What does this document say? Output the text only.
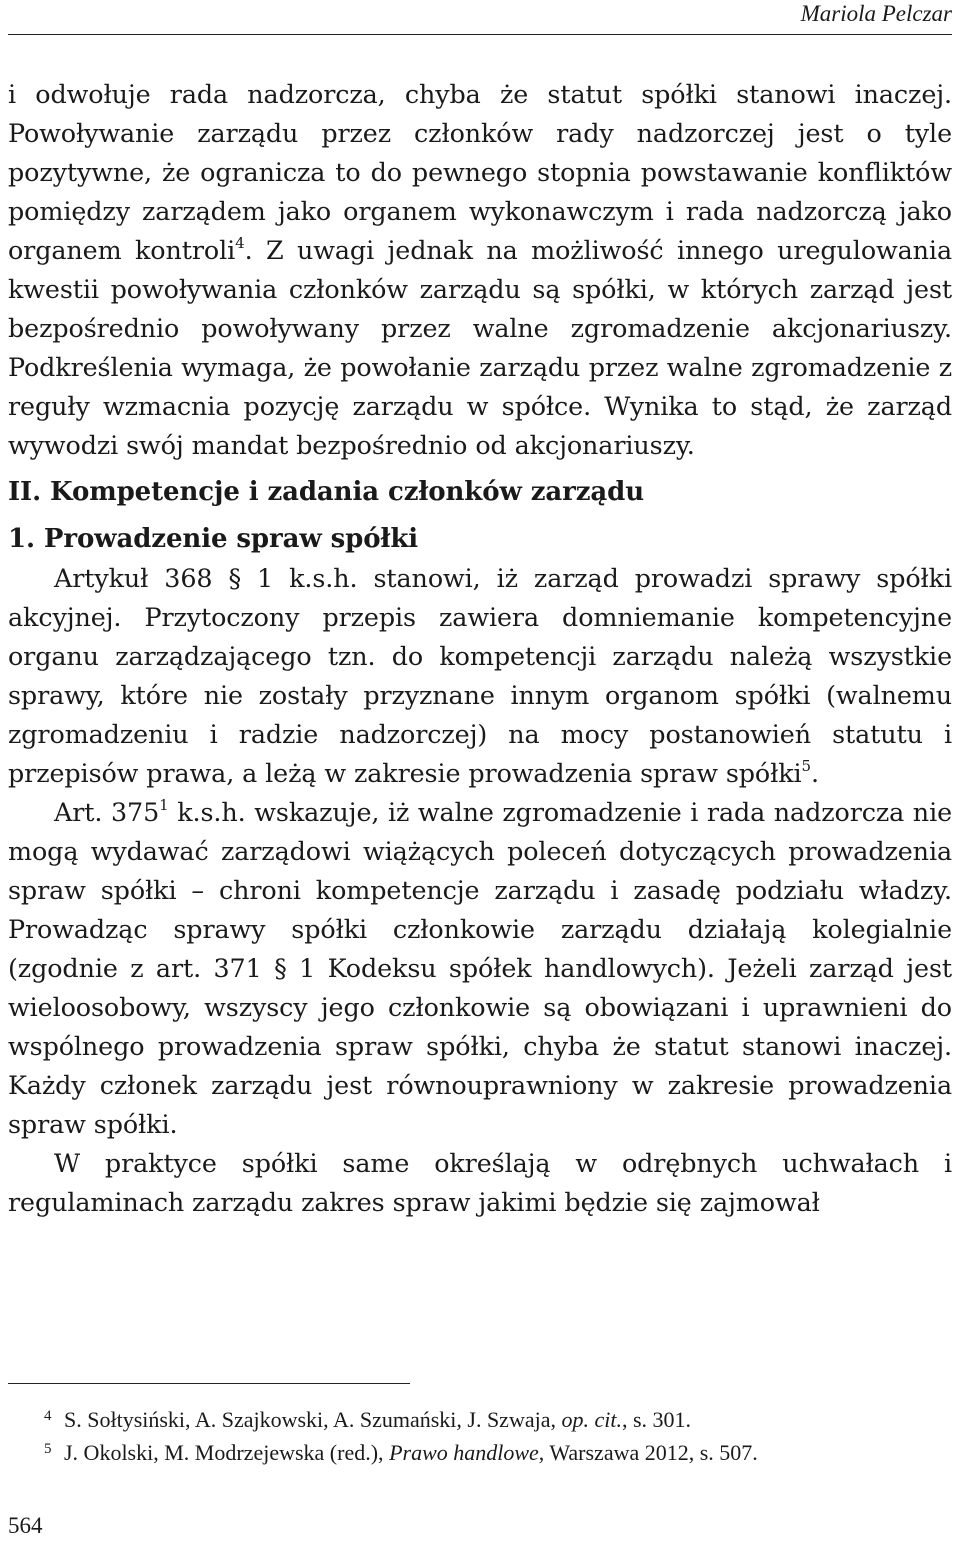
Mariola Pelczar

i odwołuje rada nadzorcza, chyba że statut spółki stanowi inaczej. Powoływanie zarządu przez członków rady nadzorczej jest o tyle pozytywne, że ogranicza to do pewnego stopnia powstawanie konfliktów pomiędzy zarządem jako organem wykonawczym i rada nadzorczą jako organem kontroli$^4$. Z uwagi jednak na możliwość innego uregulowania kwestii powoływania członków zarządu są spółki, w których zarząd jest bezpośrednio powoływany przez walne zgromadzenie akcjonariuszy. Podkreślenia wymaga, że powołanie zarządu przez walne zgromadzenie z reguły wzmacnia pozycję zarządu w spółce. Wynika to stąd, że zarząd wywodzi swój mandat bezpośrednio od akcjonariuszy.

II. Kompetencje i zadania członków zarządu

1. Prowadzenie spraw spółki

Artykuł 368 § 1 k.s.h. stanowi, iż zarząd prowadzi sprawy spółki akcyjnej. Przytoczony przepis zawiera domniemanie kompetencyjne organu zarządzającego tzn. do kompetencji zarządu należą wszystkie sprawy, które nie zostały przyznane innym organom spółki (walnemu zgromadzeniu i radzie nadzorczej) na mocy postanowień statutu i przepisów prawa, a leżą w zakresie prowadzenia spraw spółki$^5$.

Art. $375^1$ k.s.h. wskazuje, iż walne zgromadzenie i rada nadzorcza nie mogą wydawać zarządowi wiążących poleceń dotyczących prowadzenia spraw spółki – chroni kompetencje zarządu i zasadę podziału władzy. Prowadząc sprawy spółki członkowie zarządu działają kolegialnie (zgodnie z art. 371 § 1 Kodeksu spółek handlowych). Jeżeli zarząd jest wieloosobowy, wszyscy jego członkowie są obowiązani i uprawnieni do wspólnego prowadzenia spraw spółki, chyba że statut stanowi inaczej. Każdy członek zarządu jest równouprawniony w zakresie prowadzenia spraw spółki.

W praktyce spółki same określają w odrębnych uchwałach i regulaminach zarządu zakres spraw jakimi będzie się zajmował

4 S. Sołtysiński, A. Szajkowski, A. Szumański, J. Szwaja, op. cit., s. 301.
5 J. Okolski, M. Modrzejewska (red.), Prawo handlowe, Warszawa 2012, s. 507.
564
